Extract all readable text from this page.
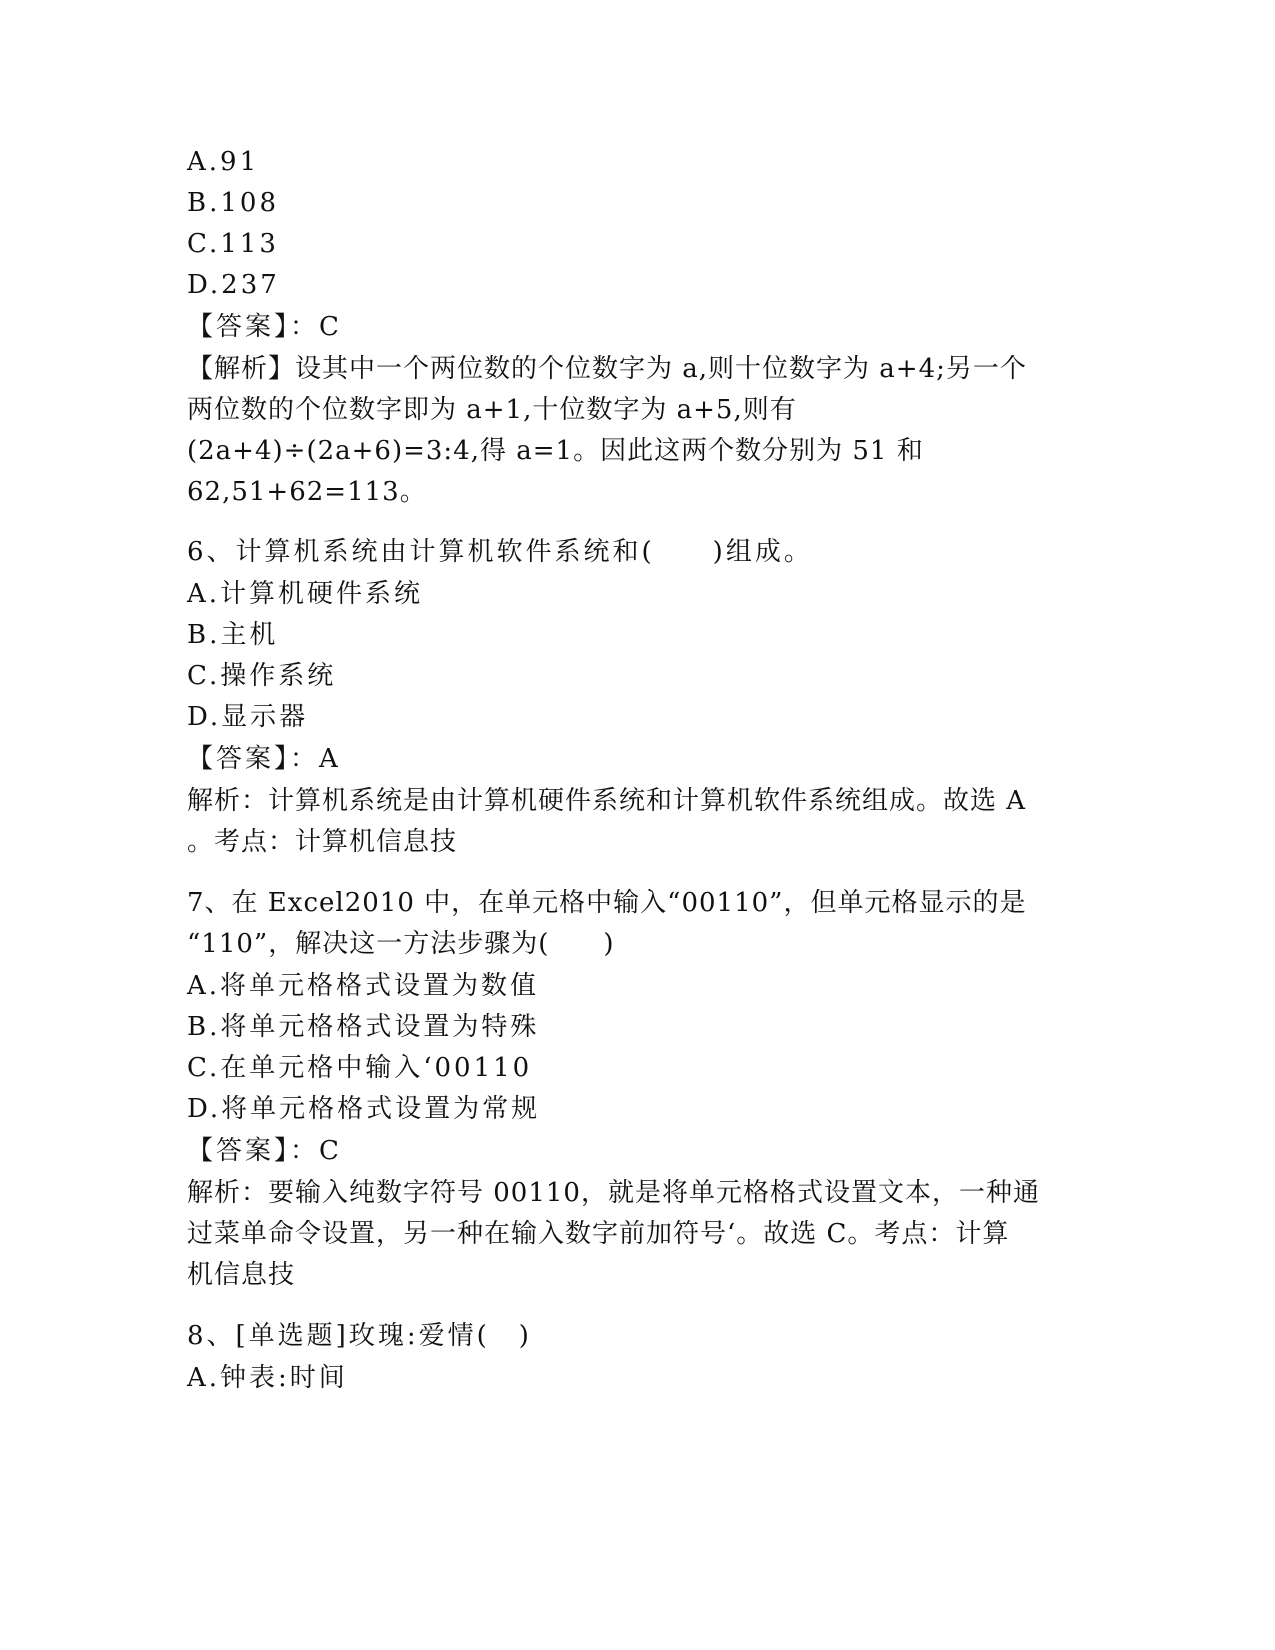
A.91
B.108
C.113
D.237
【答案】：C
【解析】设其中一个两位数的个位数字为 a,则十位数字为 a+4;另一个
两位数的个位数字即为 a+1,十位数字为 a+5,则有
(2a+4)÷(2a+6)=3:4,得 a=1。因此这两个数分别为 51 和
62,51+62=113。
6、计算机系统由计算机软件系统和(　　)组成。
A.计算机硬件系统
B.主机
C.操作系统
D.显示器
【答案】：A
解析：计算机系统是由计算机硬件系统和计算机软件系统组成。故选 A
。考点：计算机信息技
7、在 Excel2010 中，在单元格中输入“00110”，但单元格显示的是
“110”，解决这一方法步骤为(　　)
A.将单元格格式设置为数值
B.将单元格格式设置为特殊
C.在单元格中输入‘00110
D.将单元格格式设置为常规
【答案】：C
解析：要输入纯数字符号 00110，就是将单元格格式设置文本，一种通
过菜单命令设置，另一种在输入数字前加符号‘。故选 C。考点：计算
机信息技
8、[单选题]玫瑰:爱情(　)
A.钟表:时间
